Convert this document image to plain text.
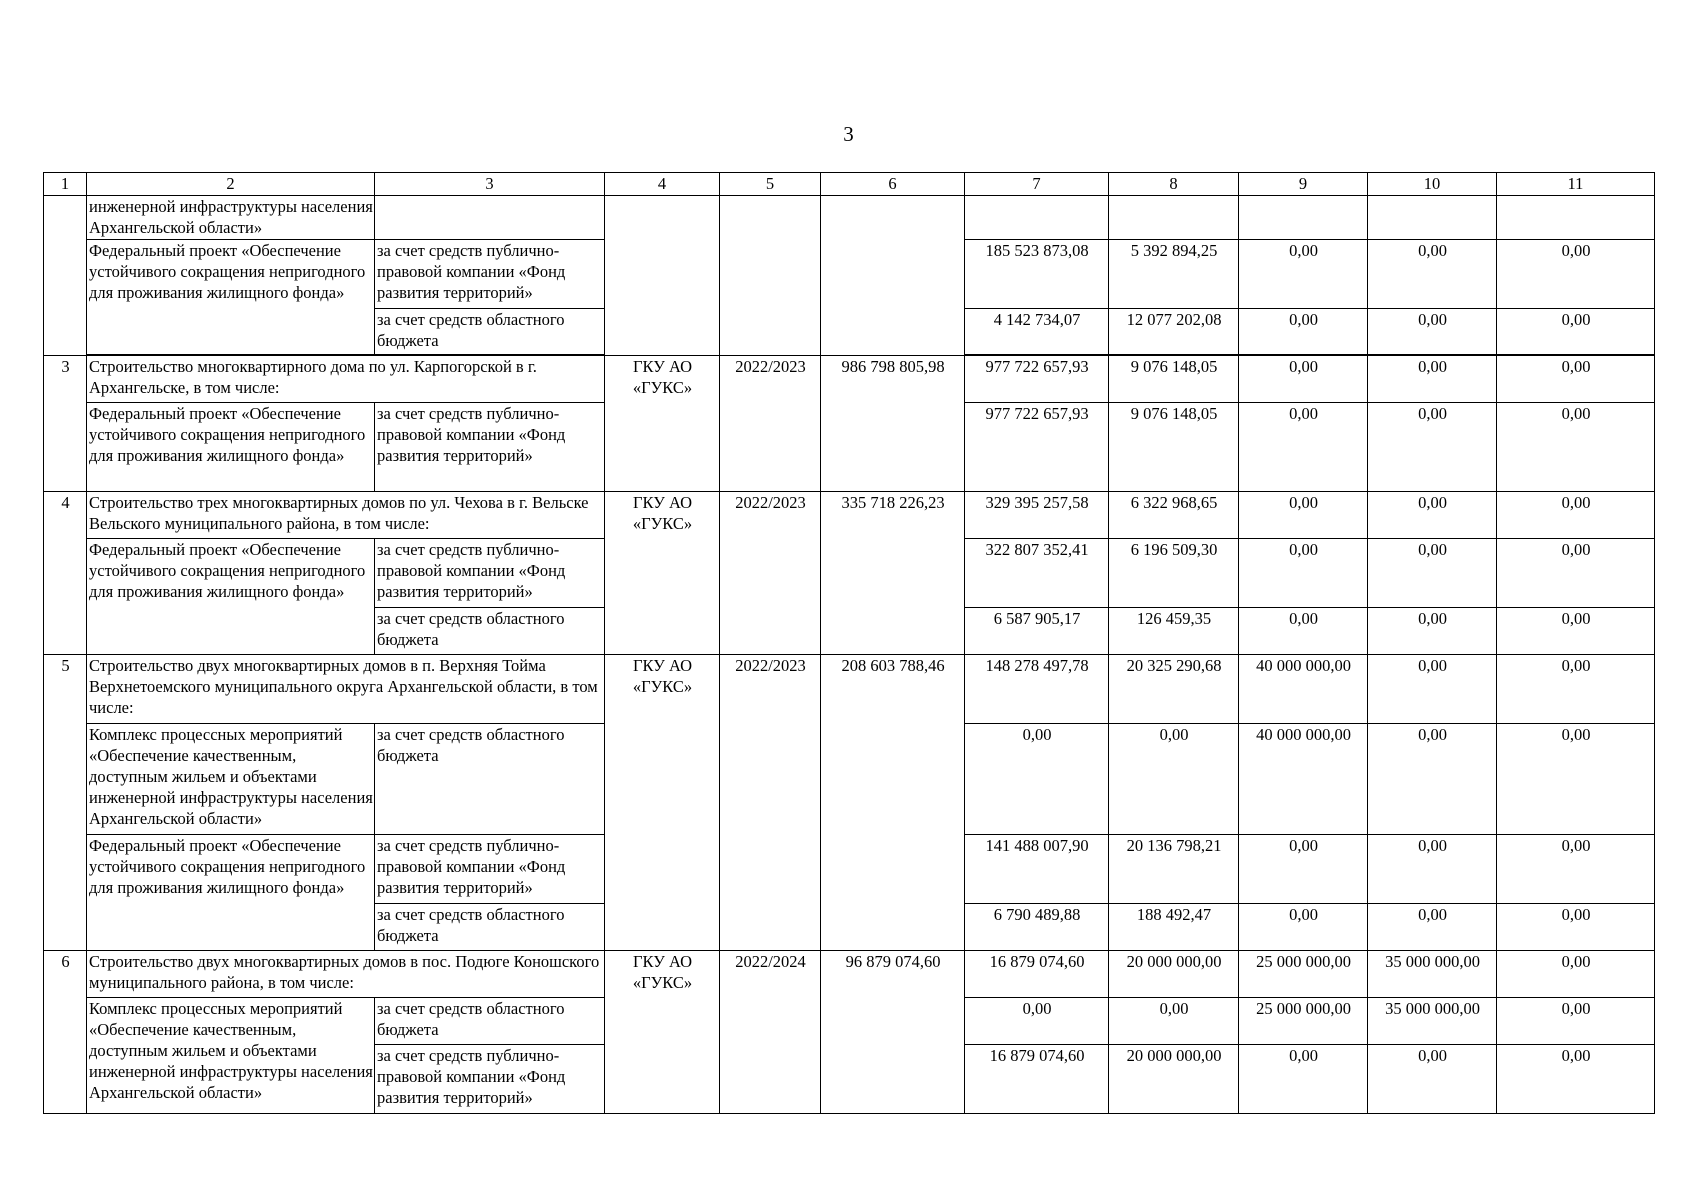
3
1	2	3	4	5	6	7	8	9	10	11
	инженерной инфраструктуры населения Архангельской области»									
	Федеральный проект «Обеспечение устойчивого сокращения непригодного для проживания жилищного фонда»	за счет средств публично-правовой компании «Фонд развития территорий»				185 523 873,08	5 392 894,25	0,00	0,00	0,00
		за счет средств областного бюджета				4 142 734,07	12 077 202,08	0,00	0,00	0,00

3	Строительство многоквартирного дома по ул. Карпогорской в г. Архангельске, в том числе:		ГКУ АО «ГУКС»	2022/2023	986 798 805,98	977 722 657,93	9 076 148,05	0,00	0,00	0,00
	Федеральный проект «Обеспечение устойчивого сокращения непригодного для проживания жилищного фонда»	за счет средств публично-правовой компании «Фонд развития территорий»				977 722 657,93	9 076 148,05	0,00	0,00	0,00
4	Строительство трех многоквартирных домов по ул. Чехова в г. Вельске Вельского муниципального района, в том числе:		ГКУ АО «ГУКС»	2022/2023	335 718 226,23	329 395 257,58	6 322 968,65	0,00	0,00	0,00
	Федеральный проект «Обеспечение устойчивого сокращения непригодного для проживания жилищного фонда»	за счет средств публично-правовой компании «Фонд развития территорий»				322 807 352,41	6 196 509,30	0,00	0,00	0,00
		за счет средств областного бюджета				6 587 905,17	126 459,35	0,00	0,00	0,00
5	Строительство двух многоквартирных домов в п. Верхняя Тойма Верхнетоемского муниципального округа Архангельской области, в том числе:		ГКУ АО «ГУКС»	2022/2023	208 603 788,46	148 278 497,78	20 325 290,68	40 000 000,00	0,00	0,00
	Комплекс процессных мероприятий «Обеспечение качественным, доступным жильем и объектами инженерной инфраструктуры населения Архангельской области»	за счет средств областного бюджета				0,00	0,00	40 000 000,00	0,00	0,00
	Федеральный проект «Обеспечение устойчивого сокращения непригодного для проживания жилищного фонда»	за счет средств публично-правовой компании «Фонд развития территорий»				141 488 007,90	20 136 798,21	0,00	0,00	0,00
		за счет средств областного бюджета				6 790 489,88	188 492,47	0,00	0,00	0,00
6	Строительство двух многоквартирных домов в пос. Подюге Коношского муниципального района, в том числе:		ГКУ АО «ГУКС»	2022/2024	96 879 074,60	16 879 074,60	20 000 000,00	25 000 000,00	35 000 000,00	0,00
	Комплекс процессных мероприятий «Обеспечение качественным, доступным жильем и объектами инженерной инфраструктуры населения Архангельской области»	за счет средств областного бюджета				0,00	0,00	25 000 000,00	35 000 000,00	0,00
		за счет средств публично-правовой компании «Фонд развития территорий»				16 879 074,60	20 000 000,00	0,00	0,00	0,00
